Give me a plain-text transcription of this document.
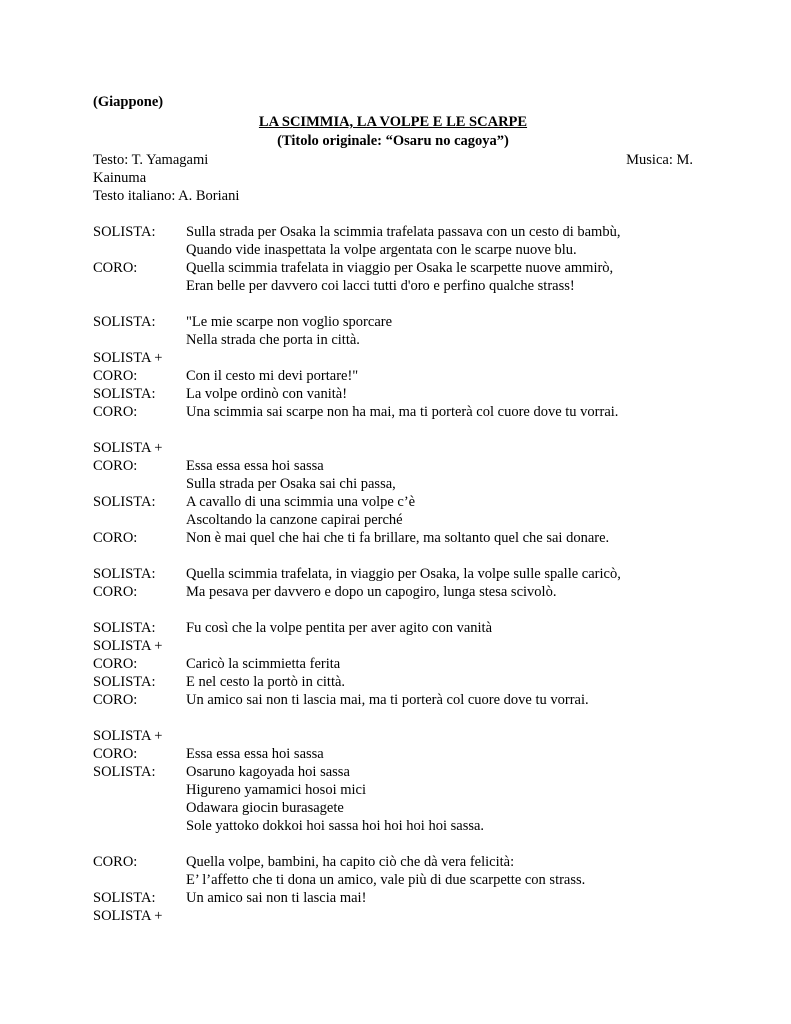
(Giappone)
LA SCIMMIA, LA VOLPE E LE SCARPE
(Titolo originale: “Osaru no cagoya”)
Testo: T. Yamagami	Musica: M.
Kainuma
Testo italiano: A. Boriani
SOLISTA:	Sulla strada per Osaka la scimmia trafelata passava con un cesto di bambù,
Quando vide inaspettata la volpe argentata con le scarpe nuove blu.
CORO:	Quella scimmia trafelata in viaggio per Osaka le scarpette nuove ammirò,
Eran belle per davvero coi lacci tutti d'oro e perfino qualche strass!
SOLISTA:	"Le mie scarpe non voglio sporcare
Nella strada che porta in città.
SOLISTA +
CORO:	Con il cesto mi devi portare!"
SOLISTA:	La volpe ordinò con vanità!
CORO:	Una scimmia sai scarpe non ha mai, ma ti porterà col cuore dove tu vorrai.
SOLISTA +
CORO:	Essa essa essa hoi sassa
Sulla strada per Osaka sai chi passa,
SOLISTA:	A cavallo di una scimmia una volpe c’è
Ascoltando la canzone capirai perché
CORO:	Non è mai quel che hai che ti fa brillare, ma soltanto quel che sai donare.
SOLISTA:	Quella scimmia trafelata, in viaggio per Osaka, la volpe sulle spalle caricò,
CORO:	Ma pesava per davvero e dopo un capogiro, lunga stesa scivolò.
SOLISTA:	Fu così che la volpe pentita per aver agito con vanità
SOLISTA +
CORO:	Caricò la scimmietta ferita
SOLISTA:	E nel cesto la portò in città.
CORO:	Un amico sai non ti lascia mai, ma ti porterà col cuore dove tu vorrai.
SOLISTA +
CORO:	Essa essa essa hoi sassa
SOLISTA:	Osaruno kagoyada hoi sassa
Higureno yamamici hosoi mici
Odawara giocin burasagete
Sole yattoko dokkoi hoi sassa hoi hoi hoi hoi sassa.
CORO:	Quella volpe, bambini, ha capito ciò che dà vera felicità:
E’ l’affetto che ti dona un amico, vale più di due scarpette con strass.
SOLISTA:	Un amico sai non ti lascia mai!
SOLISTA +
